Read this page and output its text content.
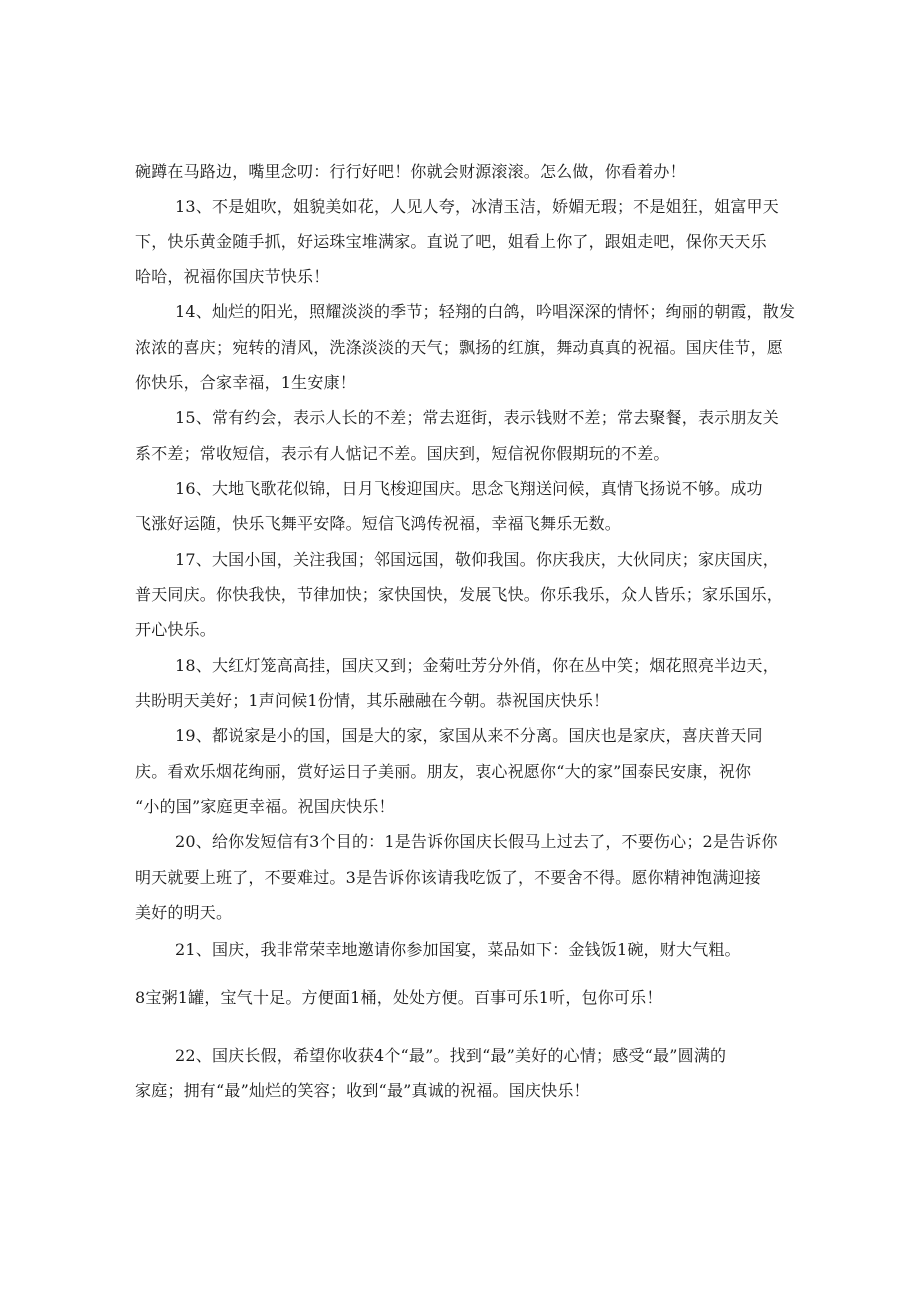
碗蹲在马路边，嘴里念叨：行行好吧！你就会财源滚滚。怎么做，你看着办！
13、不是姐吹，姐貌美如花，人见人夸，冰清玉洁，娇媚无瑕；不是姐狂，姐富甲天
下，快乐黄金随手抓，好运珠宝堆满家。直说了吧，姐看上你了，跟姐走吧，保你天天乐
哈哈，祝福你国庆节快乐！
14、灿烂的阳光，照耀淡淡的季节；轻翔的白鸽，吟唱深深的情怀；绚丽的朝霞，散发
浓浓的喜庆；宛转的清风，洗涤淡淡的天气；飘扬的红旗，舞动真真的祝福。国庆佳节，愿
你快乐，合家幸福，1生安康！
15、常有约会，表示人长的不差；常去逛街，表示钱财不差；常去聚餐，表示朋友关
系不差；常收短信，表示有人惦记不差。国庆到，短信祝你假期玩的不差。
16、大地飞歌花似锦，日月飞梭迎国庆。思念飞翔送问候，真情飞扬说不够。成功
飞涨好运随，快乐飞舞平安降。短信飞鸿传祝福，幸福飞舞乐无数。
17、大国小国，关注我国；邻国远国，敬仰我国。你庆我庆，大伙同庆；家庆国庆，
普天同庆。你快我快，节律加快；家快国快，发展飞快。你乐我乐，众人皆乐；家乐国乐，
开心快乐。
18、大红灯笼高高挂，国庆又到；金菊吐芳分外俏，你在丛中笑；烟花照亮半边天，
共盼明天美好；1声问候1份情，其乐融融在今朝。恭祝国庆快乐！
19、都说家是小的国，国是大的家，家国从来不分离。国庆也是家庆，喜庆普天同
庆。看欢乐烟花绚丽，赏好运日子美丽。朋友，衷心祝愿你“大的家”国泰民安康，祝你
“小的国”家庭更幸福。祝国庆快乐！
20、给你发短信有3个目的：1是告诉你国庆长假马上过去了，不要伤心；2是告诉你
明天就要上班了，不要难过。3是告诉你该请我吃饭了，不要舍不得。愿你精神饱满迎接
美好的明天。
21、国庆，我非常荣幸地邀请你参加国宴，菜品如下：金钱饭1碗，财大气粗。
8宝粥1罐，宝气十足。方便面1桶，处处方便。百事可乐1听，包你可乐！
22、国庆长假，希望你收获4个“最”。找到“最”美好的心情；感受“最”圆满的
家庭；拥有“最”灿烂的笑容；收到“最”真诚的祝福。国庆快乐！
